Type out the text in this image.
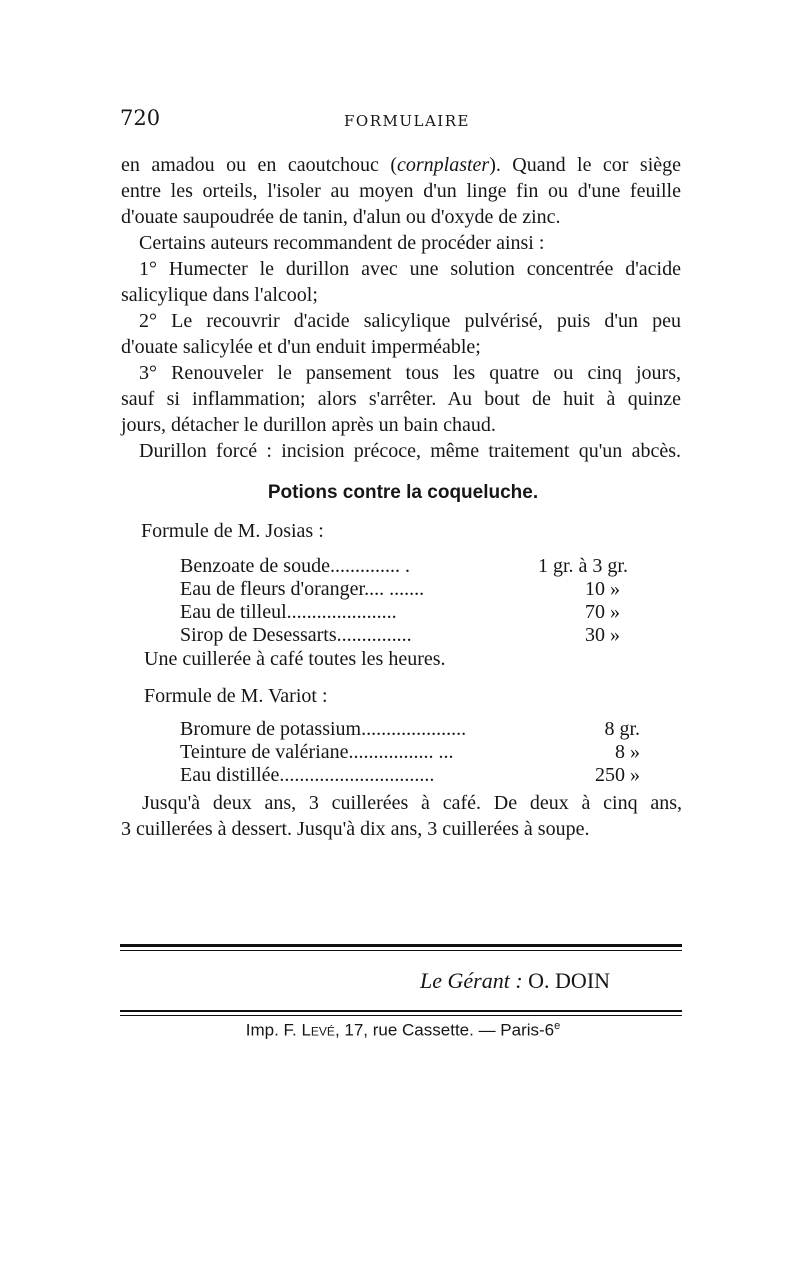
720	FORMULAIRE
en amadou ou en caoutchouc (cornplaster). Quand le cor siège
entre les orteils, l'isoler au moyen d'un linge fin ou d'une feuille
d'ouate saupoudrée de tanin, d'alun ou d'oxyde de zinc.
Certains auteurs recommandent de procéder ainsi :
1° Humecter le durillon avec une solution concentrée d'acide
salicylique dans l'alcool;
2° Le recouvrir d'acide salicylique pulvérisé, puis d'un peu
d'ouate salicylée et d'un enduit imperméable;
3° Renouveler le pansement tous les quatre ou cinq jours,
sauf si inflammation; alors s'arrêter. Au bout de huit à quinze
jours, détacher le durillon après un bain chaud.
Durillon forcé : incision précoce, même traitement qu'un abcès.
Potions contre la coqueluche.
Formule de M. Josias :
Benzoate de soude.............. .	1 gr. à 3 gr.
Eau de fleurs d'oranger.... .......	10 »
Eau de tilleul......................	70 »
Sirop de Desessarts...............	30 »
Une cuillerée à café toutes les heures.
Formule de M. Variot :
Bromure de potassium.....................	8 gr.
Teinture de valériane................. ...	8 »
Eau distillée...............................	250 »
Jusqu'à deux ans, 3 cuillerées à café. De deux à cinq ans,
3 cuillerées à dessert. Jusqu'à dix ans, 3 cuillerées à soupe.
Le Gérant : O. DOIN
Imp. F. Levé, 17, rue Cassette. — Paris-6e
